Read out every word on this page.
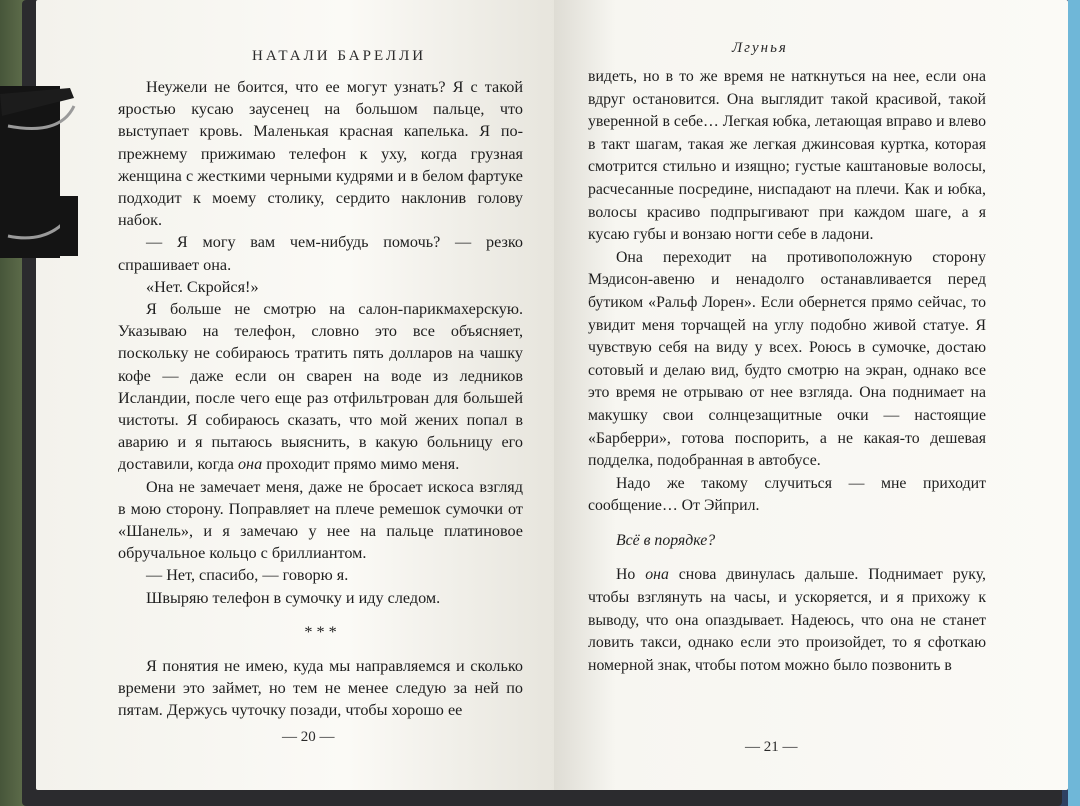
НАТАЛИ БАРЕЛЛИ	Лгунья

Неужели не боится, что ее могут узнать? Я с такой яростью кусаю заусенец на большом пальце, что выступает кровь. Маленькая красная капелька. Я по-прежнему прижимаю телефон к уху, когда грузная женщина с жесткими черными кудрями и в белом фартуке подходит к моему столику, сердито наклонив голову набок.

— Я могу вам чем-нибудь помочь? — резко спрашивает она.

«Нет. Скройся!»

Я больше не смотрю на салон-парикмахерскую. Указываю на телефон, словно это все объясняет, поскольку не собираюсь тратить пять долларов на чашку кофе — даже если он сварен на воде из ледников Исландии, после чего еще раз отфильтрован для большей чистоты. Я собираюсь сказать, что мой жених попал в аварию и я пытаюсь выяснить, в какую больницу его доставили, когда она проходит прямо мимо меня.

Она не замечает меня, даже не бросает искоса взгляд в мою сторону. Поправляет на плече ремешок сумочки от «Шанель», и я замечаю у нее на пальце платиновое обручальное кольцо с бриллиантом.

— Нет, спасибо, — говорю я.

Швыряю телефон в сумочку и иду следом.

* * *

Я понятия не имею, куда мы направляемся и сколько времени это займет, но тем не менее следую за ней по пятам. Держусь чуточку позади, чтобы хорошо ее

видеть, но в то же время не наткнуться на нее, если она вдруг остановится. Она выглядит такой красивой, такой уверенной в себе… Легкая юбка, летающая вправо и влево в такт шагам, такая же легкая джинсовая куртка, которая смотрится стильно и изящно; густые каштановые волосы, расчесанные посредине, ниспадают на плечи. Как и юбка, волосы красиво подпрыгивают при каждом шаге, а я кусаю губы и вонзаю ногти себе в ладони.

Она переходит на противоположную сторону Мэдисон-авеню и ненадолго останавливается перед бутиком «Ральф Лорен». Если обернется прямо сейчас, то увидит меня торчащей на углу подобно живой статуе. Я чувствую себя на виду у всех. Роюсь в сумочке, достаю сотовый и делаю вид, будто смотрю на экран, однако все это время не отрываю от нее взгляда. Она поднимает на макушку свои солнцезащитные очки — настоящие «Барберри», готова поспорить, а не какая-то дешевая подделка, подобранная в автобусе.

Надо же такому случиться — мне приходит сообщение… От Эйприл.

Всё в порядке?

Но она снова двинулась дальше. Поднимает руку, чтобы взглянуть на часы, и ускоряется, и я прихожу к выводу, что она опаздывает. Надеюсь, что она не станет ловить такси, однако если это произойдет, то я сфоткаю номерной знак, чтобы потом можно было позвонить в

— 20 —
— 21 —
